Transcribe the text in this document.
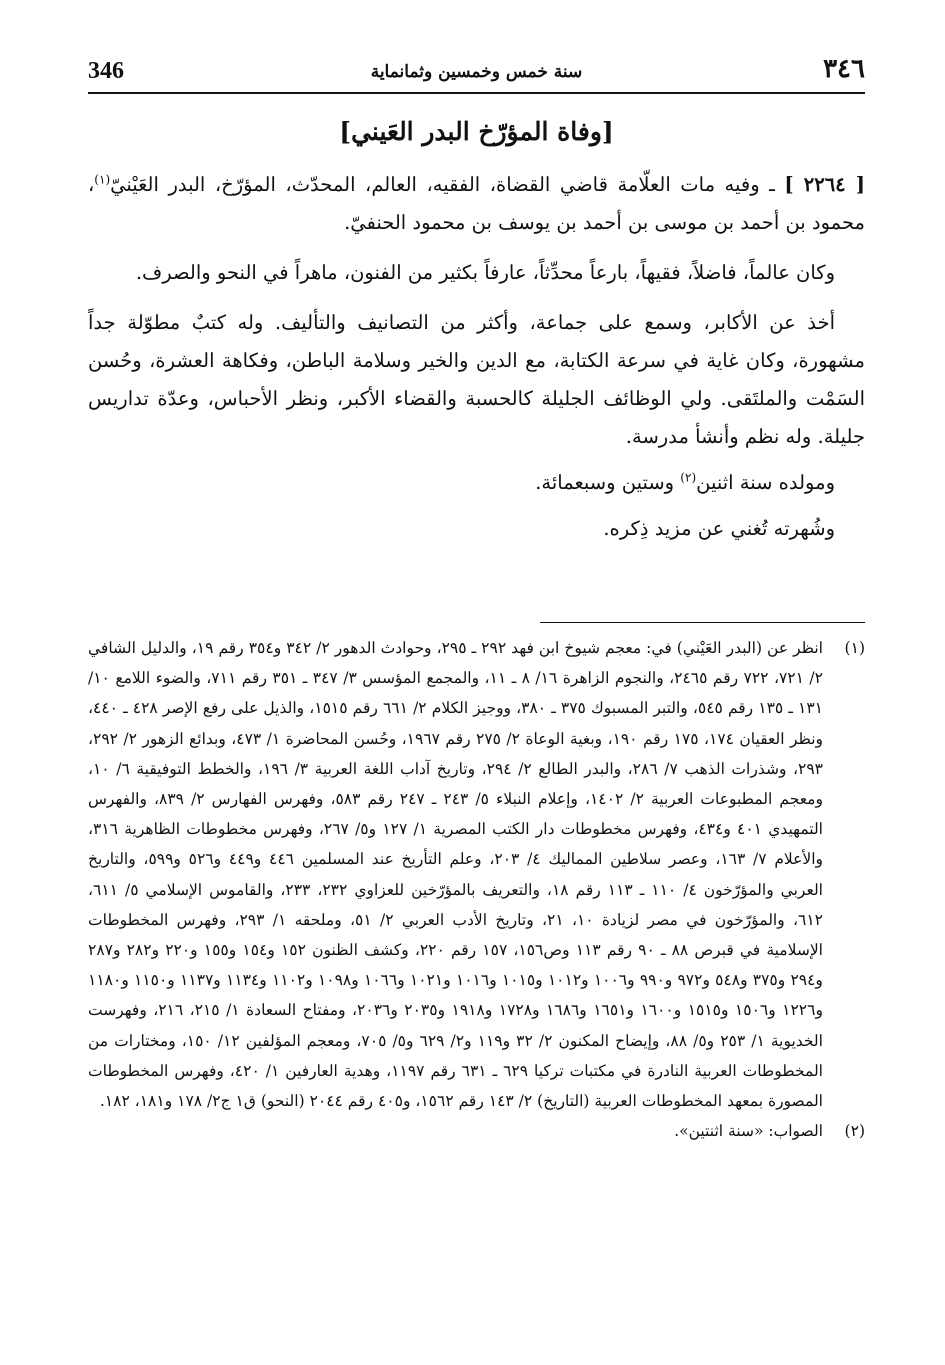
346	سنة خمس وخمسين وثمانماية	٣٤٦
[وفاة المؤرّخ البدر العَيني]

[ ٢٢٦٤ ] ـ وفيه مات العلّامة قاضي القضاة، الفقيه، العالم، المحدّث، المؤرّخ، البدر العَيْنيّ$^{(١)}$، محمود بن أحمد بن موسى بن أحمد بن يوسف بن محمود الحنفيّ.

وكان عالماً، فاضلاً، فقيهاً، بارعاً محدِّثاً، عارفاً بكثير من الفنون، ماهراً في النحو والصرف.

أخذ عن الأكابر، وسمع على جماعة، وأكثر من التصانيف والتأليف. وله كتبٌ مطوّلة جداً مشهورة، وكان غاية في سرعة الكتابة، مع الدين والخير وسلامة الباطن، وفكاهة العشرة، وحُسن السَمْت والملتَقى. ولي الوظائف الجليلة كالحسبة والقضاء الأكبر، ونظر الأحباس، وعدّة تداريس جليلة. وله نظم وأنشأ مدرسة.

ومولده سنة اثنين$^{(٢)}$ وستين وسبعمائة.

وشُهرته تُغني عن مزيد ذِكره.

(١)
انظر عن (البدر العَيْني) في: معجم شيوخ ابن فهد ٢٩٢ ـ ٢٩٥، وحوادث الدهور ٢/ ٣٤٢ و٣٥٤ رقم ١٩، والدليل الشافي ٢/ ٧٢١، ٧٢٢ رقم ٢٤٦٥، والنجوم الزاهرة ١٦/ ٨ ـ ١١، والمجمع المؤسس ٣/ ٣٤٧ ـ ٣٥١ رقم ٧١١، والضوء اللامع ١٠/ ١٣١ ـ ١٣٥ رقم ٥٤٥، والتبر المسبوك ٣٧٥ ـ ٣٨٠، ووجيز الكلام ٢/ ٦٦١ رقم ١٥١٥، والذيل على رفع الإصر ٤٢٨ ـ ٤٤٠، ونظر العقيان ١٧٤، ١٧٥ رقم ١٩٠، وبغية الوعاة ٢/ ٢٧٥ رقم ١٩٦٧، وحُسن المحاضرة ١/ ٤٧٣، وبدائع الزهور ٢/ ٢٩٢، ٢٩٣، وشذرات الذهب ٧/ ٢٨٦، والبدر الطالع ٢/ ٢٩٤، وتاريخ آداب اللغة العربية ٣/ ١٩٦، والخطط التوفيقية ٦/ ١٠، ومعجم المطبوعات العربية ٢/ ١٤٠٢، وإعلام النبلاء ٥/ ٢٤٣ ـ ٢٤٧ رقم ٥٨٣، وفهرس الفهارس ٢/ ٨٣٩، والفهرس التمهيدي ٤٠١ و٤٣٤، وفهرس مخطوطات دار الكتب المصرية ١/ ١٢٧ و٥/ ٢٦٧، وفهرس مخطوطات الظاهرية ٣١٦، والأعلام ٧/ ١٦٣، وعصر سلاطين المماليك ٤/ ٢٠٣، وعلم التأريخ عند المسلمين ٤٤٦ و٤٤٩ و٥٢٦ و٥٩٩، والتاريخ العربي والمؤرّخون ٤/ ١١٠ ـ ١١٣ رقم ١٨، والتعريف بالمؤرّخين للعزاوي ٢٣٢، ٢٣٣، والقاموس الإسلامي ٥/ ٦١١، ٦١٢، والمؤرّخون في مصر لزيادة ١٠، ٢١، وتاريخ الأدب العربي ٢/ ٥١، وملحقه ١/ ٢٩٣، وفهرس المخطوطات الإسلامية في قبرص ٨٨ ـ ٩٠ رقم ١١٣ وص١٥٦، ١٥٧ رقم ٢٢٠، وكشف الظنون ١٥٢ و١٥٤ و١٥٥ و٢٢٠ و٢٨٢ و٢٨٧ و٢٩٤ و٣٧٥ و٥٤٨ و٩٧٢ و٩٩٠ و١٠٠٦ و١٠١٢ و١٠١٥ و١٠١٦ و١٠٢١ و١٠٦٦ و١٠٩٨ و١١٠٢ و١١٣٤ و١١٣٧ و١١٥٠ و١١٨٠ و١٢٢٦ و١٥٠٦ و١٥١٥ و١٦٠٠ و١٦٥١ و١٦٨٦ و١٧٢٨ و١٩١٨ و٢٠٣٥ و٢٠٣٦، ومفتاح السعادة ١/ ٢١٥، ٢١٦، وفهرست الخديوية ١/ ٢٥٣ و٥/ ٨٨، وإيضاح المكنون ٢/ ٣٢ و١١٩ و٢/ ٦٢٩ و٥/ ٧٠٥، ومعجم المؤلفين ١٢/ ١٥٠، ومختارات من المخطوطات العربية النادرة في مكتبات تركيا ٦٢٩ ـ ٦٣١ رقم ١١٩٧، وهدية العارفين ١/ ٤٢٠، وفهرس المخطوطات المصورة بمعهد المخطوطات العربية (التاريخ) ٢/ ١٤٣ رقم ١٥٦٢، و٤٠٥ رقم ٢٠٤٤ (النحو) ق١ ج٢/ ١٧٨ و١٨١، ١٨٢.

(٢)
الصواب: «سنة اثنتين».
